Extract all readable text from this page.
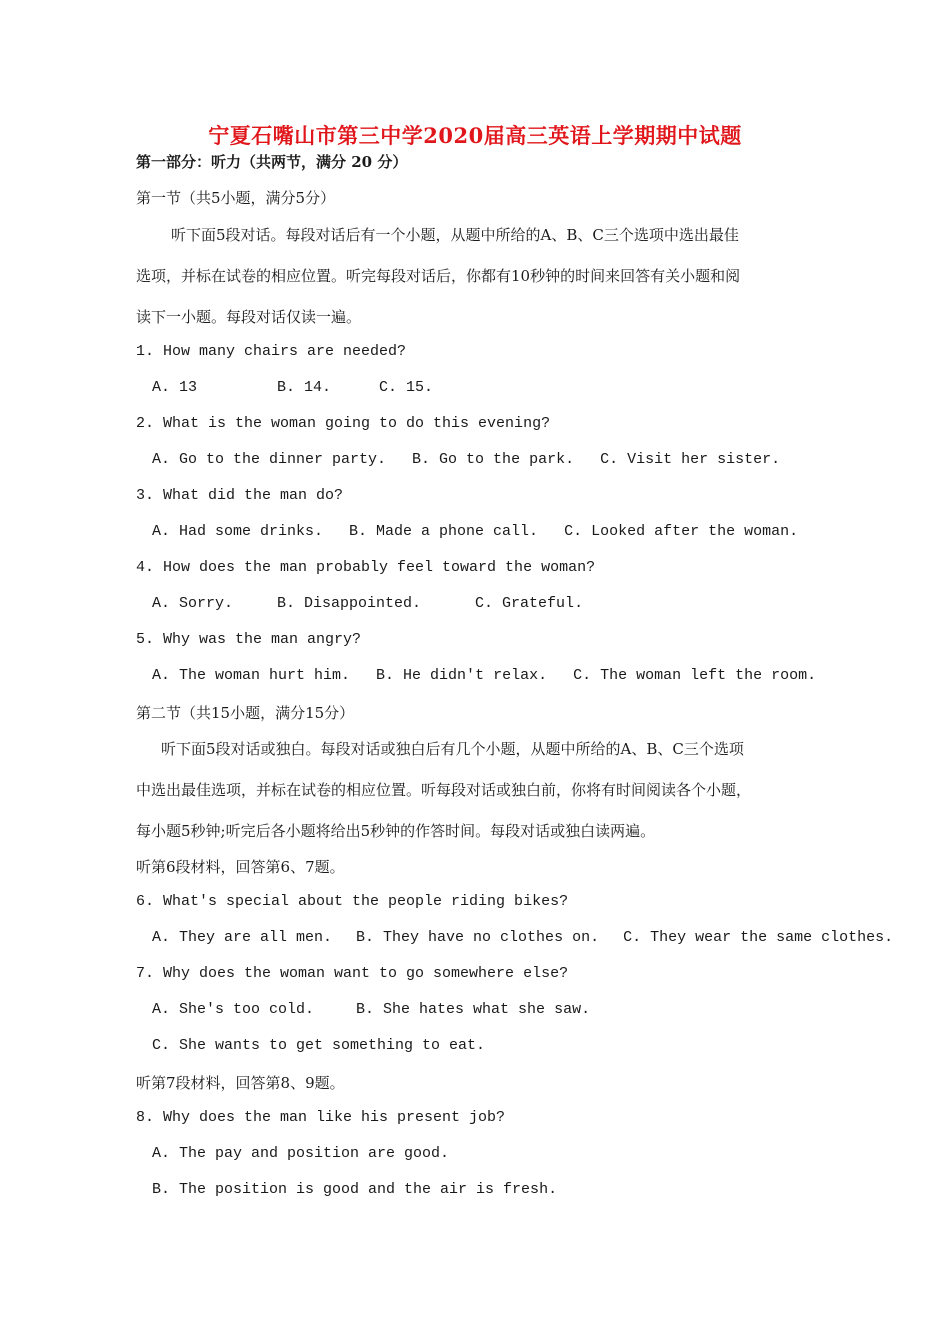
宁夏石嘴山市第三中学2020届高三英语上学期期中试题
第一部分：听力（共两节，满分 20 分）
第一节（共5小题，满分5分）
听下面5段对话。每段对话后有一个小题，从题中所给的A、B、C三个选项中选出最佳
选项，并标在试卷的相应位置。听完每段对话后，你都有10秒钟的时间来回答有关小题和阅
读下一小题。每段对话仅读一遍。
1. How many chairs are needed?
A. 13	B. 14.	C. 15.
2. What is the woman going to do this evening?
A. Go to the dinner party. B. Go to the park. C. Visit her sister.
3. What did the man do?
A. Had some drinks. B. Made a phone call. C. Looked after the woman.
4. How does the man probably feel toward the woman?
A. Sorry.	B. Disappointed.	C. Grateful.
5. Why was the man angry?
A. The woman hurt him. B. He didn't relax. C. The woman left the room.
第二节（共15小题，满分15分）
听下面5段对话或独白。每段对话或独白后有几个小题，从题中所给的A、B、C三个选项
中选出最佳选项，并标在试卷的相应位置。听每段对话或独白前，你将有时间阅读各个小题，
每小题5秒钟;听完后各小题将给出5秒钟的作答时间。每段对话或独白读两遍。
听第6段材料，回答第6、7题。
6. What's special about the people riding bikes?
A. They are all men. B. They have no clothes on. C. They wear the same clothes.
7. Why does the woman want to go somewhere else?
A. She's too cold.	B. She hates what she saw.
C. She wants to get something to eat.
听第7段材料，回答第8、9题。
8. Why does the man like his present job?
A. The pay and position are good.
B. The position is good and the air is fresh.
